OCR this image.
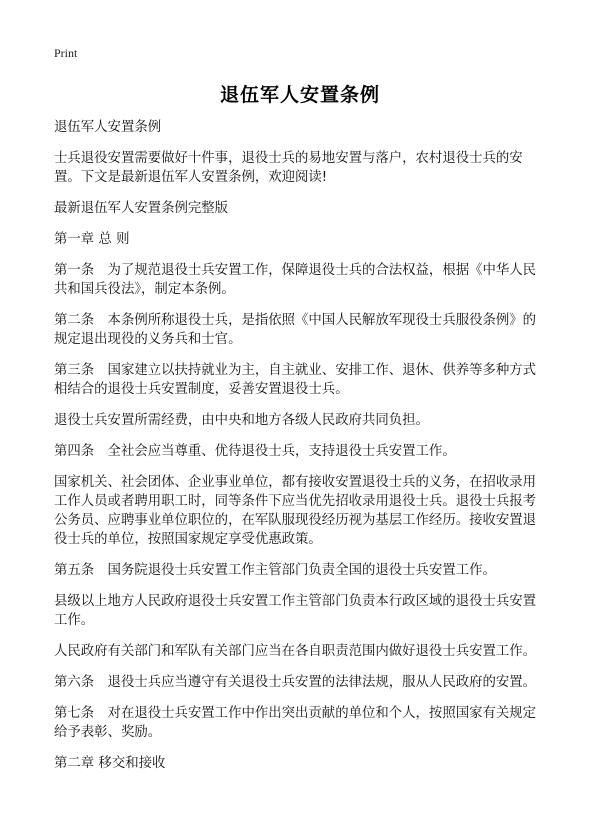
Print
退伍军人安置条例

退伍军人安置条例

士兵退役安置需要做好十件事，退役士兵的易地安置与落户，农村退役士兵的安置。下文是最新退伍军人安置条例，欢迎阅读!

最新退伍军人安置条例完整版

第一章 总 则

第一条　为了规范退役士兵安置工作，保障退役士兵的合法权益，根据《中华人民共和国兵役法》，制定本条例。

第二条　本条例所称退役士兵，是指依照《中国人民解放军现役士兵服役条例》的规定退出现役的义务兵和士官。

第三条　国家建立以扶持就业为主，自主就业、安排工作、退休、供养等多种方式相结合的退役士兵安置制度，妥善安置退役士兵。

退役士兵安置所需经费，由中央和地方各级人民政府共同负担。

第四条　全社会应当尊重、优待退役士兵，支持退役士兵安置工作。

国家机关、社会团体、企业事业单位，都有接收安置退役士兵的义务，在招收录用工作人员或者聘用职工时，同等条件下应当优先招收录用退役士兵。退役士兵报考公务员、应聘事业单位职位的，在军队服现役经历视为基层工作经历。接收安置退役士兵的单位，按照国家规定享受优惠政策。

第五条　国务院退役士兵安置工作主管部门负责全国的退役士兵安置工作。

县级以上地方人民政府退役士兵安置工作主管部门负责本行政区域的退役士兵安置工作。

人民政府有关部门和军队有关部门应当在各自职责范围内做好退役士兵安置工作。

第六条　退役士兵应当遵守有关退役士兵安置的法律法规，服从人民政府的安置。

第七条　对在退役士兵安置工作中作出突出贡献的单位和个人，按照国家有关规定给予表彰、奖励。

第二章 移交和接收
